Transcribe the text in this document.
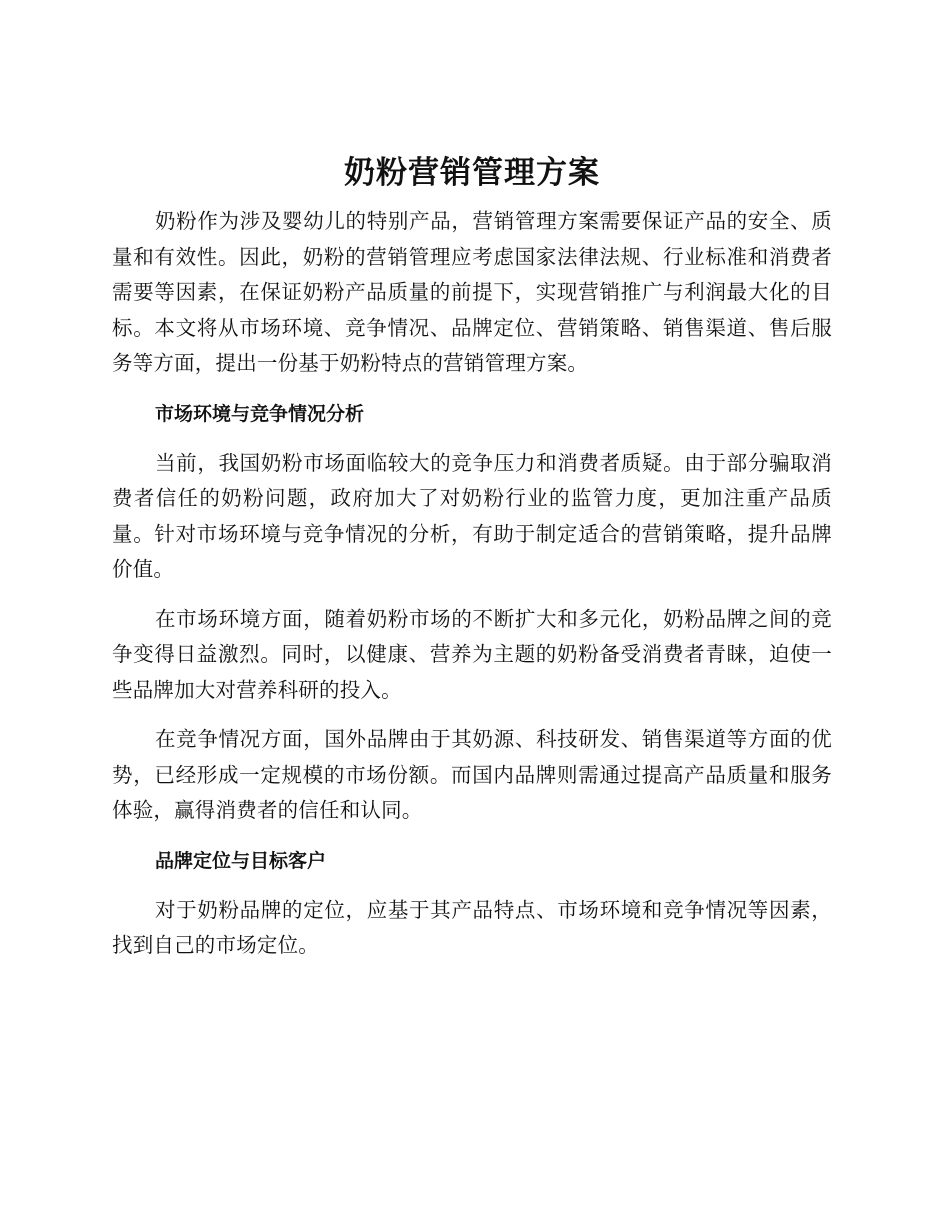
奶粉营销管理方案

奶粉作为涉及婴幼儿的特别产品，营销管理方案需要保证产品的安全、质量和有效性。因此，奶粉的营销管理应考虑国家法律法规、行业标准和消费者需要等因素，在保证奶粉产品质量的前提下，实现营销推广与利润最大化的目标。本文将从市场环境、竞争情况、品牌定位、营销策略、销售渠道、售后服务等方面，提出一份基于奶粉特点的营销管理方案。

市场环境与竞争情况分析

当前，我国奶粉市场面临较大的竞争压力和消费者质疑。由于部分骗取消费者信任的奶粉问题，政府加大了对奶粉行业的监管力度，更加注重产品质量。针对市场环境与竞争情况的分析，有助于制定适合的营销策略，提升品牌价值。

在市场环境方面，随着奶粉市场的不断扩大和多元化，奶粉品牌之间的竞争变得日益激烈。同时，以健康、营养为主题的奶粉备受消费者青睐，迫使一些品牌加大对营养科研的投入。

在竞争情况方面，国外品牌由于其奶源、科技研发、销售渠道等方面的优势，已经形成一定规模的市场份额。而国内品牌则需通过提高产品质量和服务体验，赢得消费者的信任和认同。

品牌定位与目标客户

对于奶粉品牌的定位，应基于其产品特点、市场环境和竞争情况等因素，找到自己的市场定位。
